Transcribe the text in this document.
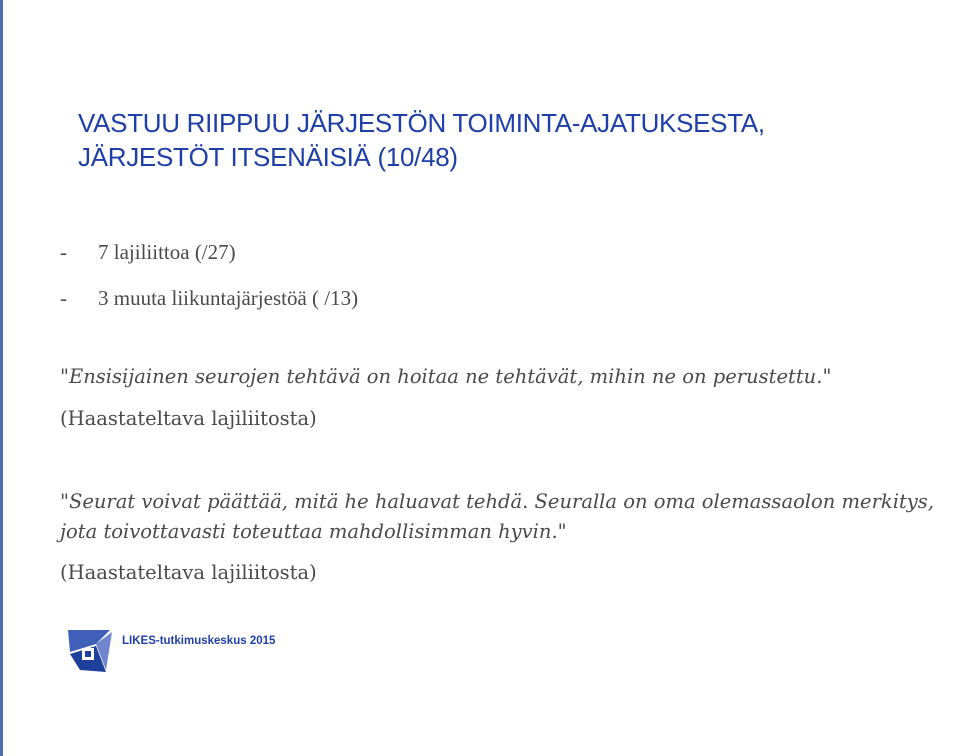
VASTUU RIIPPUU JÄRJESTÖN TOIMINTA-AJATUKSESTA,
JÄRJESTÖT ITSENÄISIÄ (10/48)
-	7 lajiliittoa (/27)
-	3 muuta liikuntajärjestöä ( /13)

"Ensisijainen seurojen tehtävä on hoitaa ne tehtävät, mihin ne on perustettu."

(Haastateltava lajiliitosta)

"Seurat voivat päättää, mitä he haluavat tehdä. Seuralla on oma olemassaolon merkitys, jota toivottavasti toteuttaa mahdollisimman hyvin."

(Haastateltava lajiliitosta)

LIKES-tutkimuskeskus 2015
